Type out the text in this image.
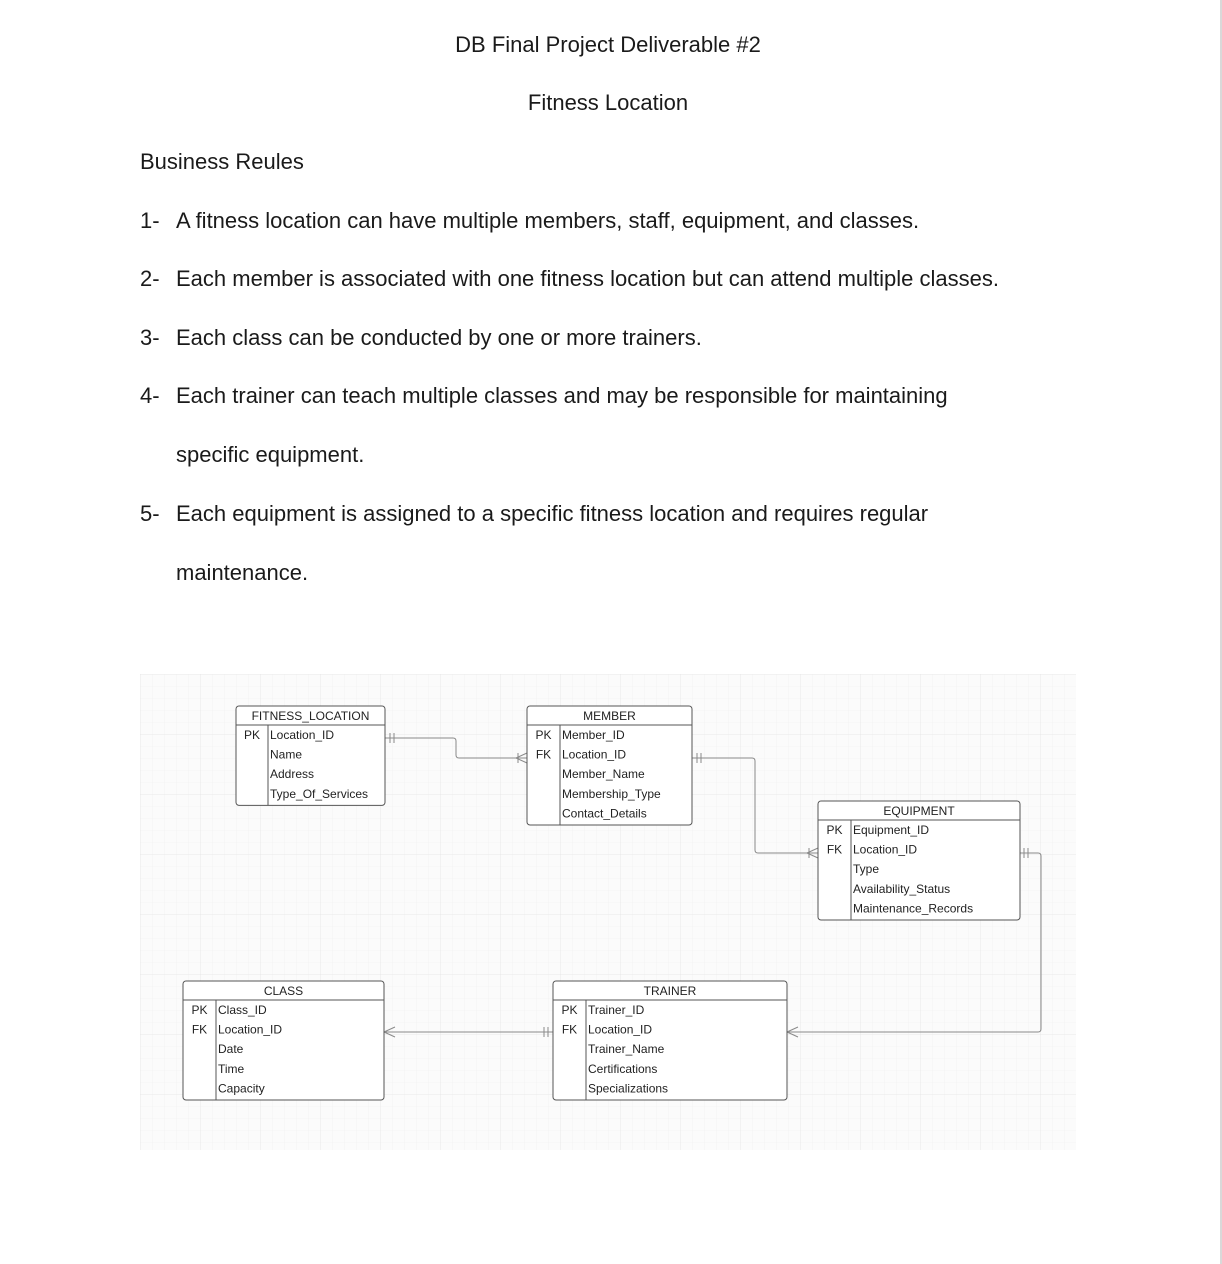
DB Final Project Deliverable #2
Fitness Location
Business Reules
1- A fitness location can have multiple members, staff, equipment, and classes.
2- Each member is associated with one fitness location but can attend multiple classes.
3- Each class can be conducted by one or more trainers.
4- Each trainer can teach multiple classes and may be responsible for maintaining
specific equipment.
5- Each equipment is assigned to a specific fitness location and requires regular
maintenance.
FITNESS_LOCATION
PK Location_ID
Name
Address
Type_Of_Services
MEMBER
PK Member_ID
FK Location_ID
Member_Name
Membership_Type
Contact_Details	EQUIPMENT
PK Equipment_ID
FK Location_ID
Type
Availability_Status
Maintenance_Records
CLASS
PK Class_ID
FK Location_ID
Date
Time
Capacity
TRAINER
PK Trainer_ID
FK Location_ID
Trainer_Name
Certifications
Specializations
